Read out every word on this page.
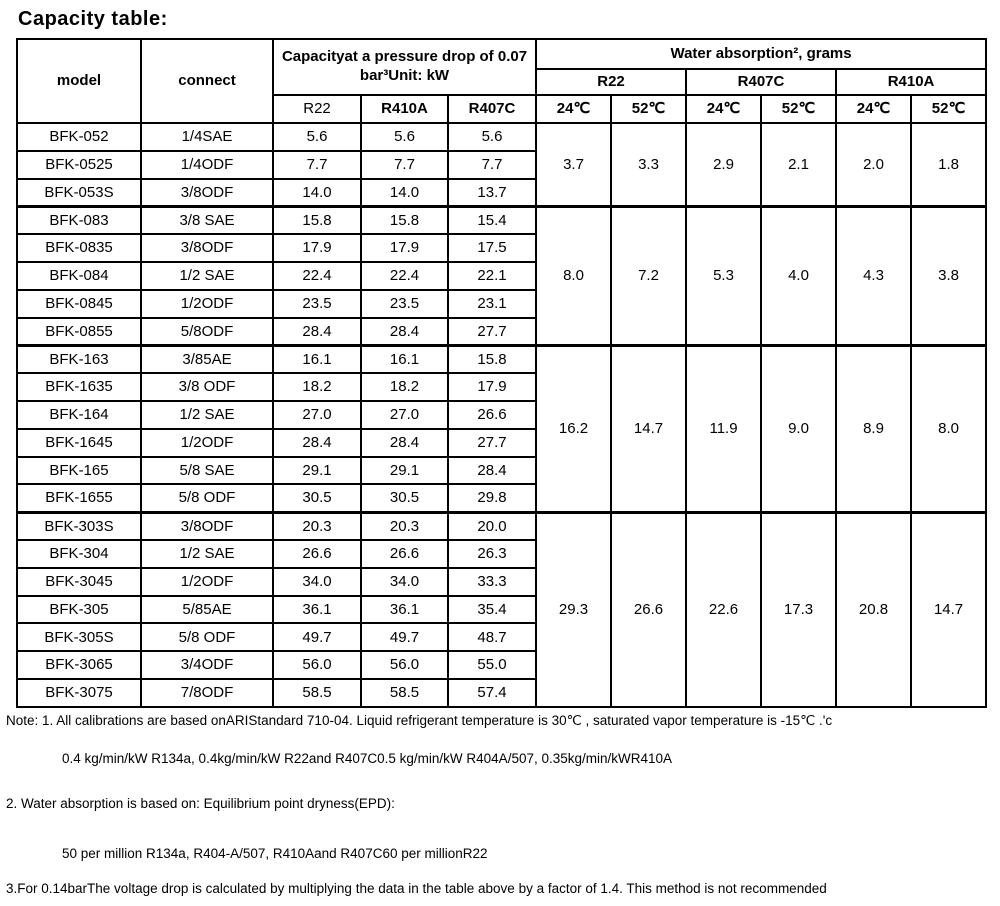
Capacity table:
model	connect	Capacityat a pressure drop of 0.07 bar³Unit: kW			Water absorption², grams					
					R22		R407C		R410A	
		R22	R410A	R407C	24℃	52℃	24℃	52℃	24℃	52℃
BFK-052	1/4SAE	5.6	5.6	5.6	3.7	3.3	2.9	2.1	2.0	1.8
BFK-0525	1/4ODF	7.7	7.7	7.7						
BFK-053S	3/8ODF	14.0	14.0	13.7						
BFK-083	3/8 SAE	15.8	15.8	15.4	8.0	7.2	5.3	4.0	4.3	3.8
BFK-0835	3/8ODF	17.9	17.9	17.5						
BFK-084	1/2 SAE	22.4	22.4	22.1						
BFK-0845	1/2ODF	23.5	23.5	23.1						
BFK-0855	5/8ODF	28.4	28.4	27.7						
BFK-163	3/85AE	16.1	16.1	15.8	16.2	14.7	11.9	9.0	8.9	8.0
BFK-1635	3/8 ODF	18.2	18.2	17.9						
BFK-164	1/2 SAE	27.0	27.0	26.6						
BFK-1645	1/2ODF	28.4	28.4	27.7						
BFK-165	5/8 SAE	29.1	29.1	28.4						
BFK-1655	5/8 ODF	30.5	30.5	29.8						
BFK-303S	3/8ODF	20.3	20.3	20.0	29.3	26.6	22.6	17.3	20.8	14.7
BFK-304	1/2 SAE	26.6	26.6	26.3						
BFK-3045	1/2ODF	34.0	34.0	33.3						
BFK-305	5/85AE	36.1	36.1	35.4						
BFK-305S	5/8 ODF	49.7	49.7	48.7						
BFK-3065	3/4ODF	56.0	56.0	55.0						
BFK-3075	7/8ODF	58.5	58.5	57.4						

Note: 1. All calibrations are based onARIStandard 710-04. Liquid refrigerant temperature is 30℃ , saturated vapor temperature is -15℃ .'c

0.4 kg/min/kW R134a, 0.4kg/min/kW R22and R407C0.5 kg/min/kW R404A/507, 0.35kg/min/kWR410A

2. Water absorption is based on: Equilibrium point dryness(EPD):

50 per million R134a, R404-A/507, R410Aand R407C60 per millionR22

3.For 0.14barThe voltage drop is calculated by multiplying the data in the table above by a factor of 1.4. This method is not recommended
